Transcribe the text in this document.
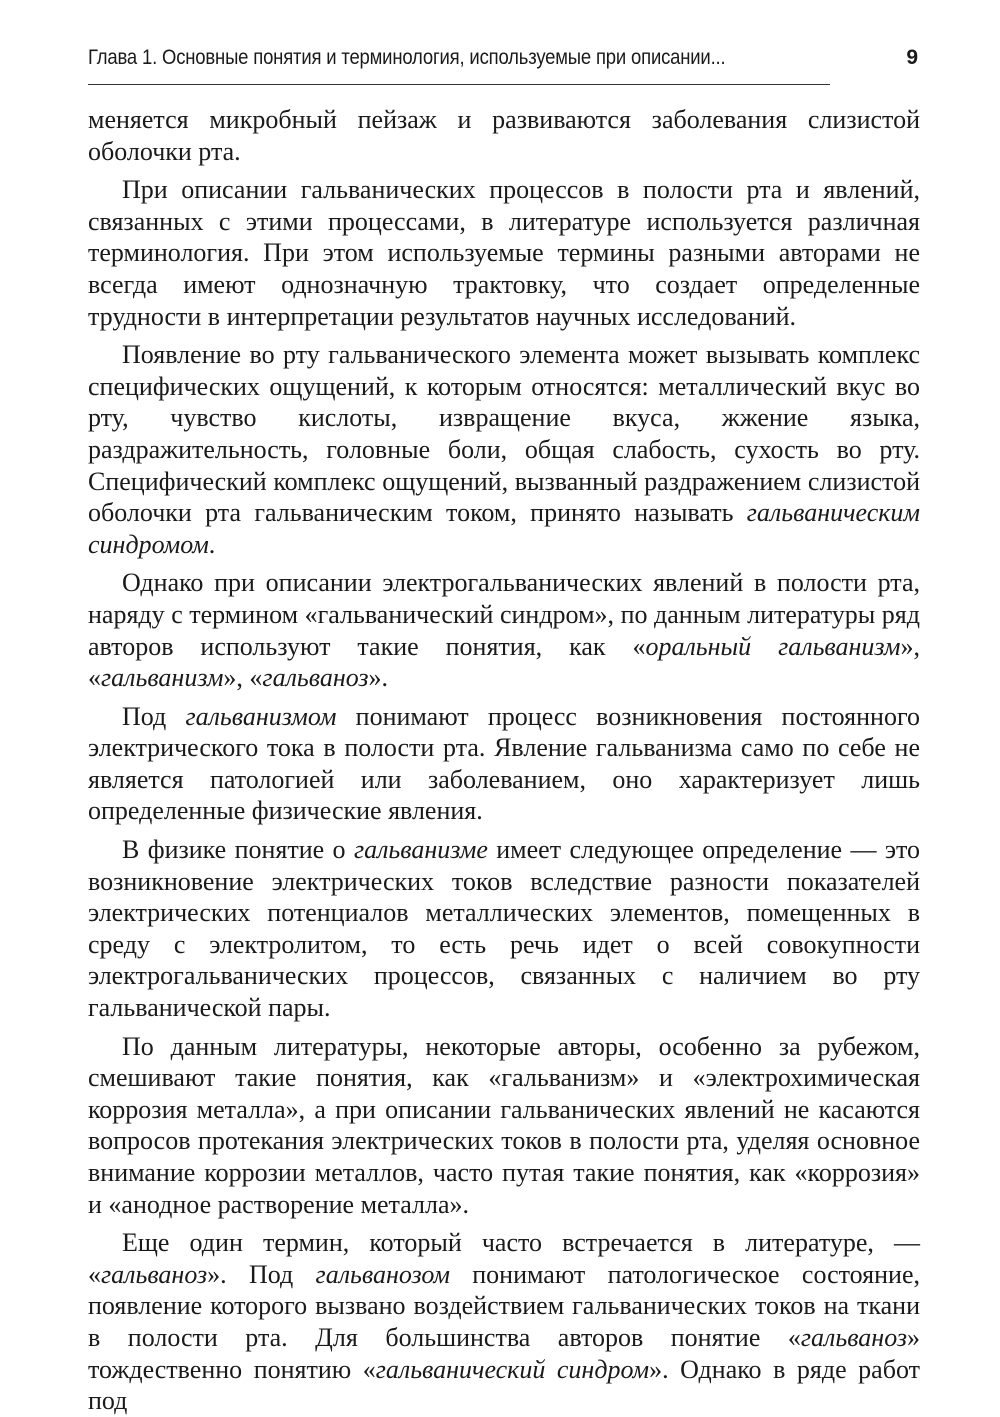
Глава 1. Основные понятия и терминология, используемые при описании...	9

меняется микробный пейзаж и развиваются заболевания слизистой оболочки рта.

При описании гальванических процессов в полости рта и явлений, связанных с этими процессами, в литературе используется различная терминология. При этом используемые термины разными авторами не всегда имеют однозначную трактовку, что создает определенные трудности в интерпретации результатов научных исследований.

Появление во рту гальванического элемента может вызывать комплекс специфических ощущений, к которым относятся: металлический вкус во рту, чувство кислоты, извращение вкуса, жжение языка, раздражительность, головные боли, общая слабость, сухость во рту. Специфический комплекс ощущений, вызванный раздражением слизистой оболочки рта гальваническим током, принято называть гальваническим синдромом.

Однако при описании электрогальванических явлений в полости рта, наряду с термином «гальванический синдром», по данным литературы ряд авторов используют такие понятия, как «оральный гальванизм», «гальванизм», «гальваноз».

Под гальванизмом понимают процесс возникновения постоянного электрического тока в полости рта. Явление гальванизма само по себе не является патологией или заболеванием, оно характеризует лишь определенные физические явления.

В физике понятие о гальванизме имеет следующее определение — это возникновение электрических токов вследствие разности показателей электрических потенциалов металлических элементов, помещенных в среду с электролитом, то есть речь идет о всей совокупности электрогальванических процессов, связанных с наличием во рту гальванической пары.

По данным литературы, некоторые авторы, особенно за рубежом, смешивают такие понятия, как «гальванизм» и «электрохимическая коррозия металла», а при описании гальванических явлений не касаются вопросов протекания электрических токов в полости рта, уделяя основное внимание коррозии металлов, часто путая такие понятия, как «коррозия» и «анодное растворение металла».

Еще один термин, который часто встречается в литературе, — «гальваноз». Под гальванозом понимают патологическое состояние, появление которого вызвано воздействием гальванических токов на ткани в полости рта. Для большинства авторов понятие «гальваноз» тождественно понятию «гальванический синдром». Однако в ряде работ под
